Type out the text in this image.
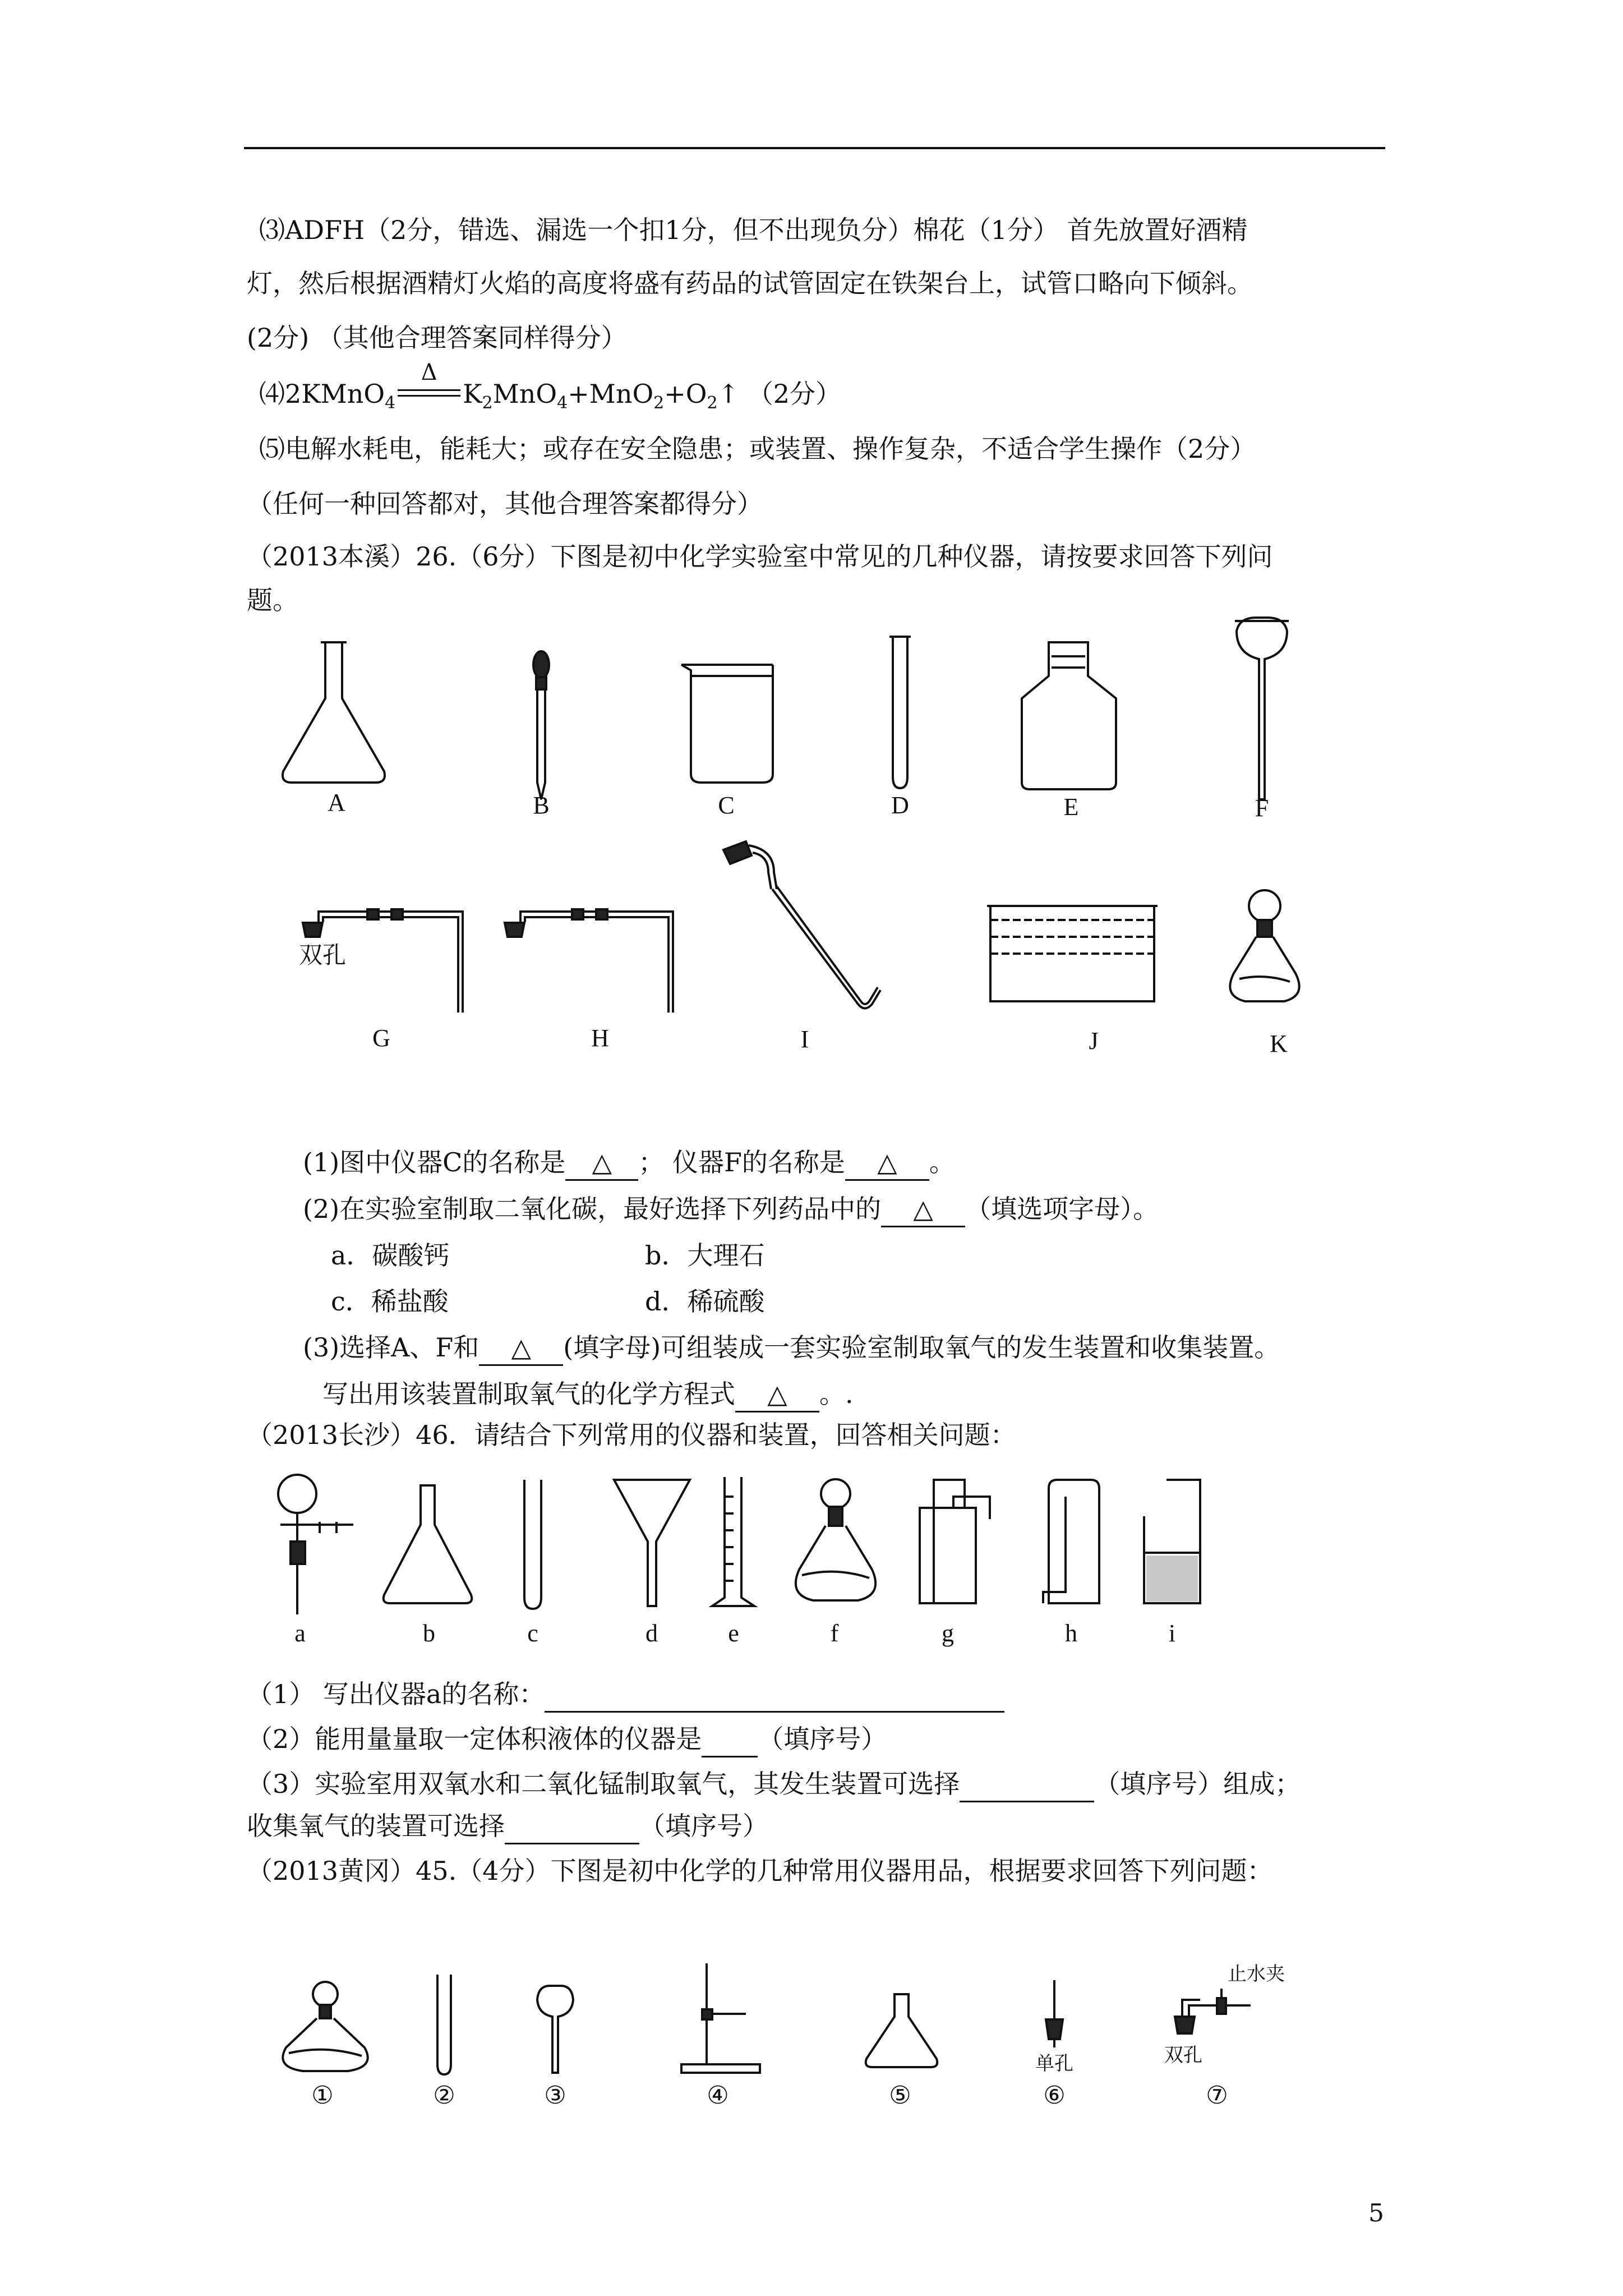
⑶ADFH（2分，错选、漏选一个扣1分，但不出现负分）棉花（1分） 首先放置好酒精
灯，然后根据酒精灯火焰的高度将盛有药品的试管固定在铁架台上，试管口略向下倾斜。
(2分) （其他合理答案同样得分）
⑷2KMnO$_4$
Δ
$K_2MnO_4+MnO_2+O_2↑$ （2分）
⑸电解水耗电，能耗大；或存在安全隐患；或装置、操作复杂，不适合学生操作（2分）
（任何一种回答都对，其他合理答案都得分）
（2013本溪）26.（6分）下图是初中化学实验室中常见的几种仪器，请按要求回答下列问
题。
A	B	C	D	E	F
G	H	I	J	K
双孔
(1)图中仪器C的名称是 △ ； 仪器F的名称是 △ 。
(2)在实验室制取二氧化碳，最好选择下列药品中的 △ （填选项字母）。
a．碳酸钙	b．大理石
c．稀盐酸	d．稀硫酸
(3)选择A、F和 △ (填字母)可组装成一套实验室制取氧气的发生装置和收集装置。
写出用该装置制取氧气的化学方程式 △ 。.
（2013长沙）46．请结合下列常用的仪器和装置，回答相关问题：
a	b	c	d	e	f	g	h	i
（1） 写出仪器a的名称：
（2）能用量量取一定体积液体的仪器是 （填序号）
（3）实验室用双氧水和二氧化锰制取氧气，其发生装置可选择	（填序号）组成；
收集氧气的装置可选择	（填序号）
（2013黄冈）45.（4分）下图是初中化学的几种常用仪器用品，根据要求回答下列问题：
①	②	③	④	⑤	⑥	⑦
单孔	双孔
止水夹
5
